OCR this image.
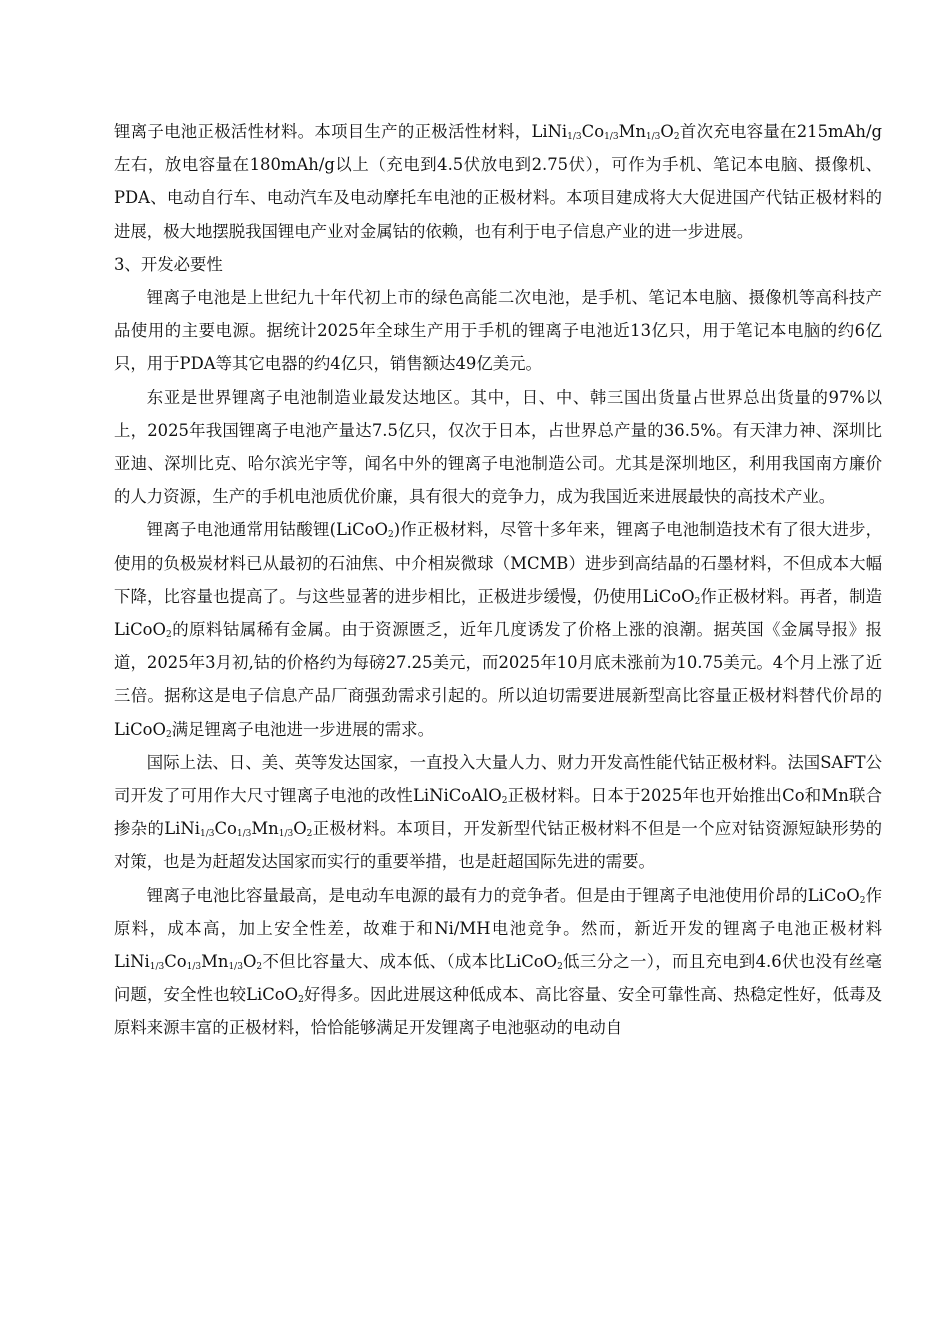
锂离子电池正极活性材料。本项目生产的正极活性材料，$LiNi_{1/3}Co_{1/3}Mn_{1/3}O_2$首次充电容量在215mAh/g左右，放电容量在180mAh/g以上（充电到4.5伏放电到2.75伏），可作为手机、笔记本电脑、摄像机、PDA、电动自行车、电动汽车及电动摩托车电池的正极材料。本项目建成将大大促进国产代钴正极材料的进展，极大地摆脱我国锂电产业对金属钴的依赖，也有利于电子信息产业的进一步进展。

3、开发必要性

锂离子电池是上世纪九十年代初上市的绿色高能二次电池，是手机、笔记本电脑、摄像机等高科技产品使用的主要电源。据统计2025年全球生产用于手机的锂离子电池近13亿只，用于笔记本电脑的约6亿只，用于PDA等其它电器的约4亿只，销售额达49亿美元。

东亚是世界锂离子电池制造业最发达地区。其中，日、中、韩三国出货量占世界总出货量的97%以上，2025年我国锂离子电池产量达7.5亿只，仅次于日本，占世界总产量的36.5%。有天津力神、深圳比亚迪、深圳比克、哈尔滨光宇等，闻名中外的锂离子电池制造公司。尤其是深圳地区，利用我国南方廉价的人力资源，生产的手机电池质优价廉，具有很大的竞争力，成为我国近来进展最快的高技术产业。

锂离子电池通常用钴酸锂(LiCoO$_2$)作正极材料，尽管十多年来，锂离子电池制造技术有了很大进步，使用的负极炭材料已从最初的石油焦、中介相炭微球（MCMB）进步到高结晶的石墨材料，不但成本大幅下降，比容量也提高了。与这些显著的进步相比，正极进步缓慢，仍使用LiCoO$_2$作正极材料。再者，制造LiCoO$_2$的原料钴属稀有金属。由于资源匮乏，近年几度诱发了价格上涨的浪潮。据英国《金属导报》报道，2025年3月初,钴的价格约为每磅27.25美元，而2025年10月底未涨前为10.75美元。4个月上涨了近三倍。据称这是电子信息产品厂商强劲需求引起的。所以迫切需要进展新型高比容量正极材料替代价昂的LiCoO$_2$满足锂离子电池进一步进展的需求。

国际上法、日、美、英等发达国家，一直投入大量人力、财力开发高性能代钴正极材料。法国SAFT公司开发了可用作大尺寸锂离子电池的改性LiNiCoAlO$_2$正极材料。日本于2025年也开始推出Co和Mn联合掺杂的$LiNi_{1/3}Co_{1/3}Mn_{1/3}O_2$正极材料。本项目，开发新型代钴正极材料不但是一个应对钴资源短缺形势的对策，也是为赶超发达国家而实行的重要举措，也是赶超国际先进的需要。

锂离子电池比容量最高，是电动车电源的最有力的竞争者。但是由于锂离子电池使用价昂的LiCoO$_2$作原料，成本高，加上安全性差，故难于和Ni/MH电池竞争。然而，新近开发的锂离子电池正极材料$LiNi_{1/3}Co_{1/3}Mn_{1/3}O_2$不但比容量大、成本低、（成本比LiCoO$_2$低三分之一），而且充电到4.6伏也没有丝毫问题，安全性也较LiCoO$_2$好得多。因此进展这种低成本、高比容量、安全可靠性高、热稳定性好，低毒及原料来源丰富的正极材料，恰恰能够满足开发锂离子电池驱动的电动自
